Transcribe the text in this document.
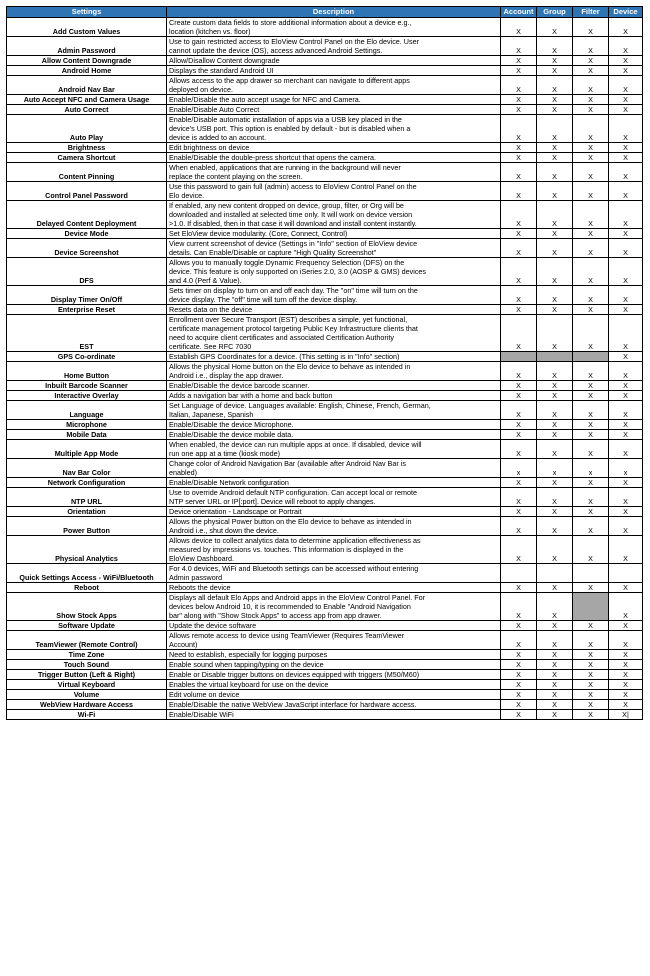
Settings	Description	Account	Group	Filter	Device
Add Custom Values	Create custom data fields to store additional information about a device e.g.,
location (kitchen vs. floor)	X	X	X	X
Admin Password	Use to gain restricted access to EloView Control Panel on the Elo device. User
cannot update the device (OS), access advanced Android Settings.	X	X	X	X
Allow Content Downgrade	Allow/Disallow Content downgrade	X	X	X	X
Android Home	Displays the standard Android UI	X	X	X	X
Android Nav Bar	Allows access to the app drawer so merchant can navigate to different apps
deployed on device.	X	X	X	X
Auto Accept NFC and Camera Usage	Enable/Disable the auto accept usage for NFC and Camera.	X	X	X	X
Auto Correct	Enable/Disable Auto Correct	X	X	X	X
Auto Play	Enable/Disable automatic installation of apps via a USB key placed in the
device's USB port. This option is enabled by default - but is disabled when a
device is added to an account.	X	X	X	X
Brightness	Edit brightness on device	X	X	X	X
Camera Shortcut	Enable/Disable the double-press shortcut that opens the camera.	X	X	X	X
Content Pinning	When enabled, applications that are running in the background will never
replace the content playing on the screen.	X	X	X	X
Control Panel Password	Use this password to gain full (admin) access to EloView Control Panel on the
Elo device.	X	X	X	X
Delayed Content Deployment	If enabled, any new content dropped on device, group, filter, or Org will be
downloaded and installed at selected time only. It will work on device version
>1.0. If disabled, then in that case it will download and install content instantly.	X	X	X	X
Device Mode	Set EloView device modularity. (Core, Connect, Control)	X	X	X	X
Device Screenshot	View current screenshot of device (Settings in "Info" section of EloView device
details. Can Enable/Disable or capture "High Quality Screenshot"	X	X	X	X
DFS	Allows you to manually toggle Dynamic Frequency Selection (DFS) on the
device. This feature is only supported on iSeries 2.0, 3.0 (AOSP & GMS) devices
and 4.0 (Perf & Value).	X	X	X	X
Display Timer On/Off	Sets timer on display to turn on and off each day. The "on" time will turn on the
device display. The "off" time will turn off the device display.	X	X	X	X
Enterprise Reset	Resets data on the device	X	X	X	X
EST	Enrollment over Secure Transport (EST) describes a simple, yet functional,
certificate management protocol targeting Public Key Infrastructure clients that
need to acquire client certificates and associated Certification Authority
certificate. See RFC 7030	X	X	X	X
GPS Co-ordinate	Establish GPS Coordinates for a device. (This setting is in "Info" section)				X
Home Button	Allows the physical Home button on the Elo device to behave as intended in
Android i.e., display the app drawer.	X	X	X	X
Inbuilt Barcode Scanner	Enable/Disable the device barcode scanner.	X	X	X	X
Interactive Overlay	Adds a navigation bar with a home and back button	X	X	X	X
Language	Set Language of device. Languages available: English, Chinese, French, German,
Italian, Japanese, Spanish	X	X	X	X
Microphone	Enable/Disable the device Microphone.	X	X	X	X
Mobile Data	Enable/Disable the device mobile data.	X	X	X	X
Multiple App Mode	When enabled, the device can run multiple apps at once. If disabled, device will
run one app at a time (kiosk mode)	X	X	X	X
Nav Bar Color	Change color of Android Navigation Bar (available after Android Nav Bar is
enabled)	x	x	x	x
Network Configuration	Enable/Disable Network configuration	X	X	X	X
NTP URL	Use to override Android default NTP configuration. Can accept local or remote
NTP server URL or IP[:port]. Device will reboot to apply changes.	X	X	X	X
Orientation	Device orientation - Landscape or Portrait	X	X	X	X
Power Button	Allows the physical Power button on the Elo device to behave as intended in
Android i.e., shut down the device.	X	X	X	X
Physical Analytics	Allows device to collect analytics data to determine application effectiveness as
measured by impressions vs. touches. This information is displayed in the
EloView Dashboard.	X	X	X	X
Quick Settings Access - WiFi/Bluetooth	For 4.0 devices, WiFi and Bluetooth settings can be accessed without entering
Admin password				
Reboot	Reboots the device	X	X	X	X
Show Stock Apps	Displays all default Elo Apps and Android apps in the EloView Control Panel. For
devices below Android 10, it is recommended to Enable "Android Navigation
bar" along with "Show Stock Apps" to access app from app drawer.	X	X		X
Software Update	Update the device software	X	X	X	X
TeamViewer (Remote Control)	Allows remote access to device using TeamViewer (Requires TeamViewer
Account)	X	X	X	X
Time Zone	Need to establish, especially for logging purposes	X	X	X	X
Touch Sound	Enable sound when tapping/typing on the device	X	X	X	X
Trigger Button (Left & Right)	Enable or Disable trigger buttons on devices equipped with triggers (M50/M60)	X	X	X	X
Virtual Keyboard	Enables the virtual keyboard for use on the device	X	X	X	X
Volume	Edit volume on device	X	X	X	X
WebView Hardware Access	Enable/Disable the native WebView JavaScript interface for hardware access.	X	X	X	X
Wi-Fi	Enable/Disable WiFi	X	X	X	X|
